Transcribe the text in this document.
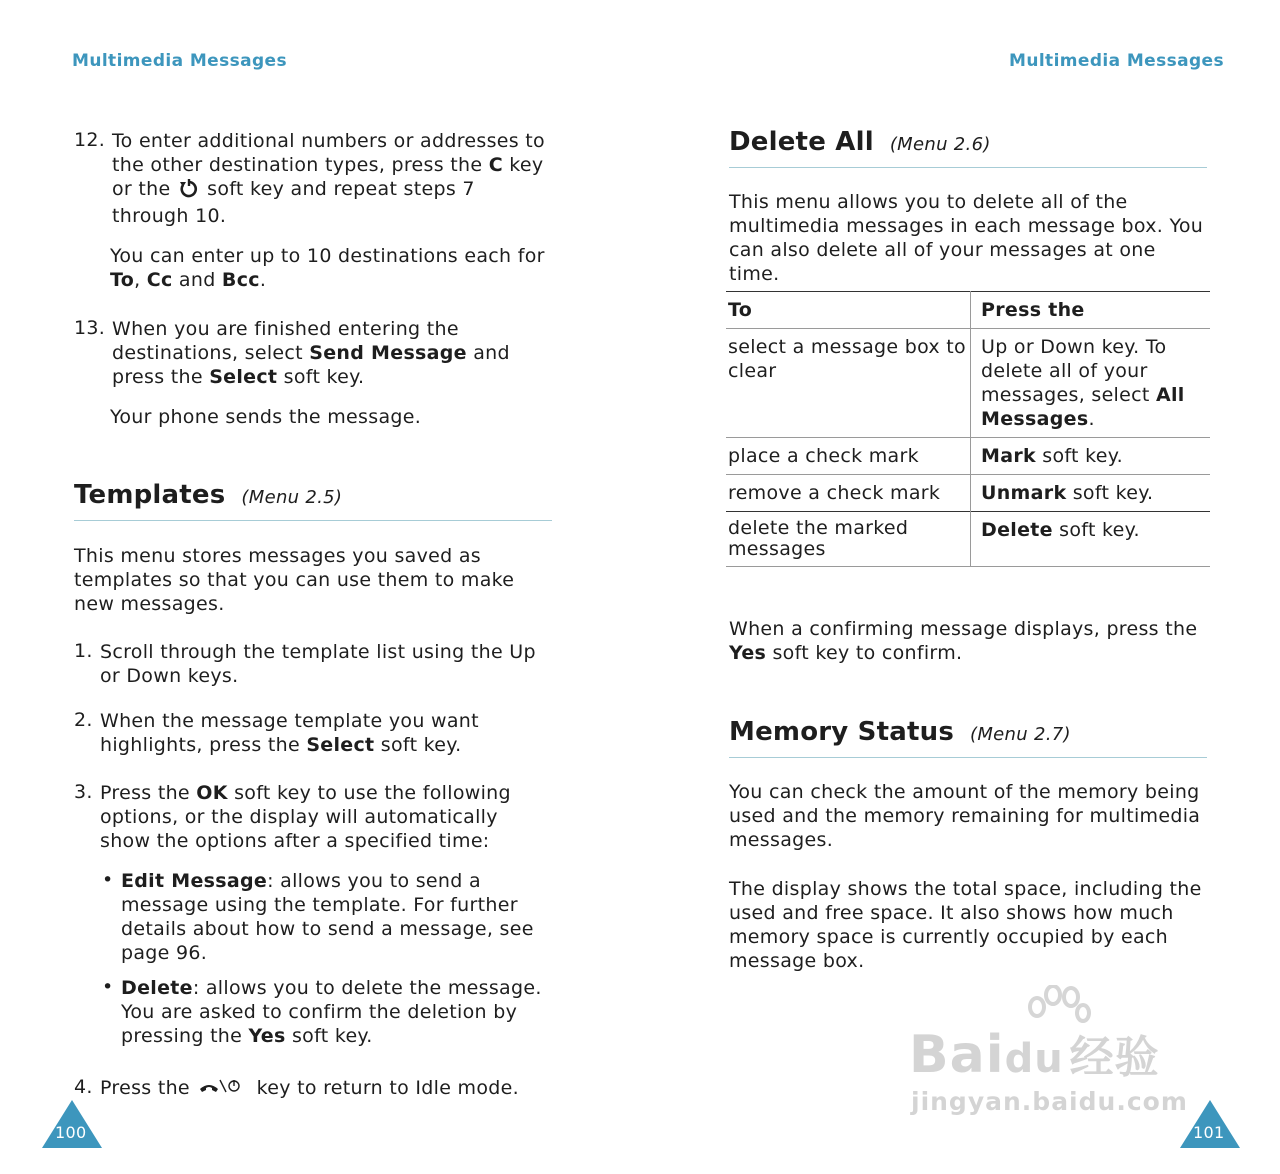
Multimedia Messages
12. To enter additional numbers or addresses to the other destination types, press the C key or the  soft key and repeat steps 7 through 10.

You can enter up to 10 destinations each for To, Cc and Bcc.

13. When you are finished entering the destinations, select Send Message and press the Select soft key.

Your phone sends the message.

Templates (Menu 2.5)

This menu stores messages you saved as templates so that you can use them to make new messages.

1. Scroll through the template list using the Up or Down keys.

2. When the message template you want highlights, press the Select soft key.

3. Press the OK soft key to use the following options, or the display will automatically show the options after a specified time:

• Edit Message: allows you to send a message using the template. For further details about how to send a message, see page 96.

• Delete: allows you to delete the message. You are asked to confirm the deletion by pressing the Yes soft key.

4. Press the	key to return to Idle mode.

100
Multimedia Messages
Delete All (Menu 2.6)

This menu allows you to delete all of the multimedia messages in each message box. You can also delete all of your messages at one time.

To	Press the
select a message box to clear	Up or Down key. To delete all of your messages, select All Messages.
place a check mark	Mark soft key.
remove a check mark	Unmark soft key.
delete the marked messages	Delete soft key.

When a confirming message displays, press the Yes soft key to confirm.

Memory Status (Menu 2.7)

You can check the amount of the memory being used and the memory remaining for multimedia messages.

The display shows the total space, including the used and free space. It also shows how much memory space is currently occupied by each message box.

Baidu 经验
jingyan.baidu.com
101
